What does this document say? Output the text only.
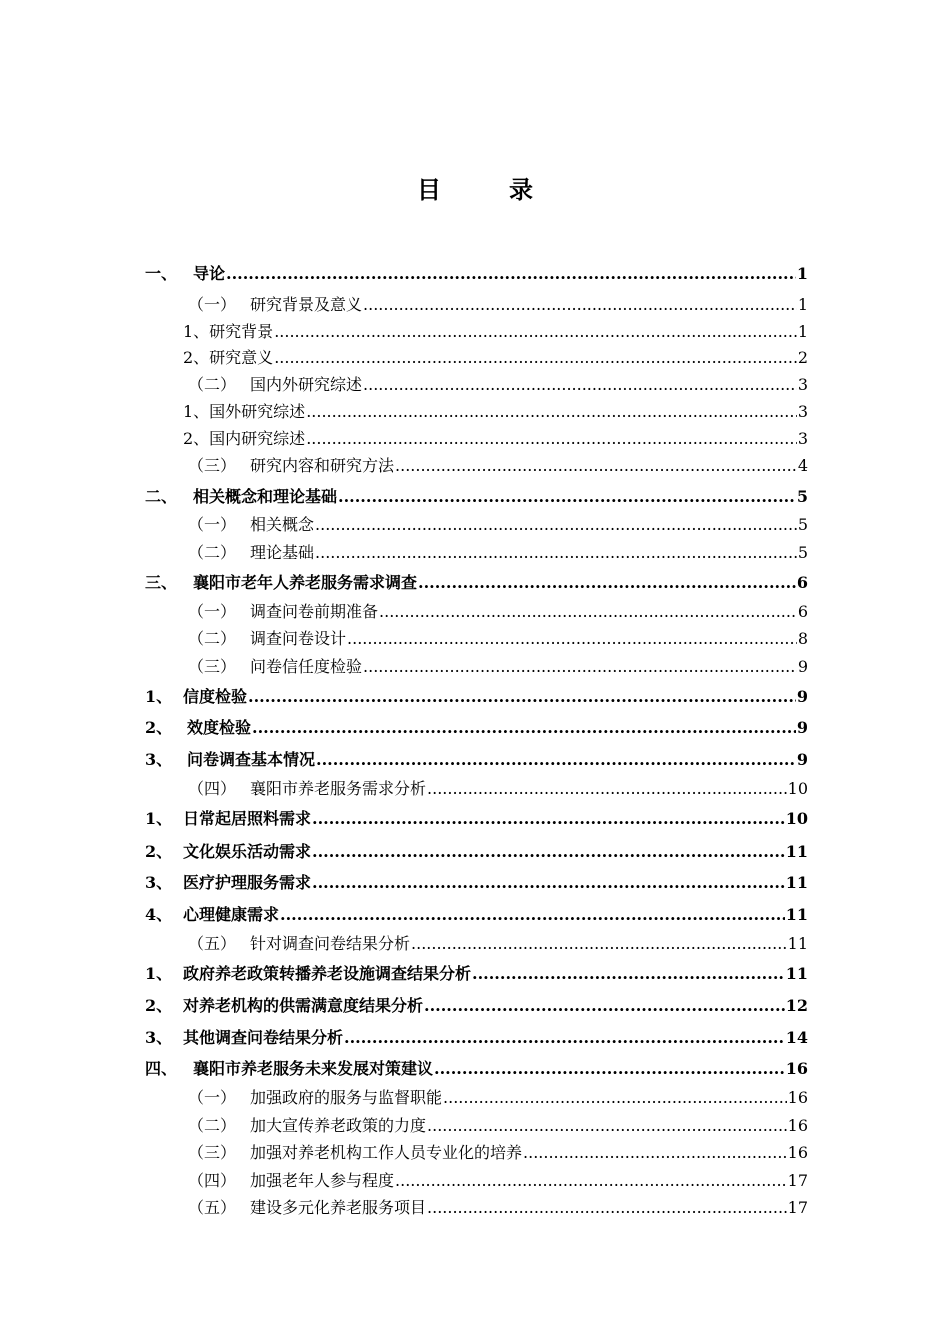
目　录
一、 导论 .....	1
（一） 研究背景及意义 .....	1
1、研究背景 .....	1
2、研究意义 .....	2
（二） 国内外研究综述 .....	3
1、国外研究综述 .....	3
2、国内研究综述 .....	3
（三） 研究内容和研究方法 .....	4
二、 相关概念和理论基础 .....	5
（一） 相关概念 .....	5
（二） 理论基础 .....	5
三、 襄阳市老年人养老服务需求调查 .....	6
（一） 调查问卷前期准备 .....	6
（二） 调查问卷设计 .....	8
（三） 问卷信任度检验 .....	9
1、 信度检验 .....	9
2、 效度检验 .....	9
3、 问卷调查基本情况 .....	9
（四） 襄阳市养老服务需求分析 .....	10
1、 日常起居照料需求 .....	10
2、 文化娱乐活动需求 .....	11
3、 医疗护理服务需求 .....	11
4、 心理健康需求 .....	11
（五） 针对调查问卷结果分析 .....	11
1、 政府养老政策转播养老设施调查结果分析 .....	11
2、 对养老机构的供需满意度结果分析 .....	12
3、 其他调查问卷结果分析 .....	14
四、 襄阳市养老服务未来发展对策建议 .....	16
（一） 加强政府的服务与监督职能 .....	16
（二） 加大宣传养老政策的力度 .....	16
（三） 加强对养老机构工作人员专业化的培养 .....	16
（四） 加强老年人参与程度 .....	17
（五） 建设多元化养老服务项目 .....	17
